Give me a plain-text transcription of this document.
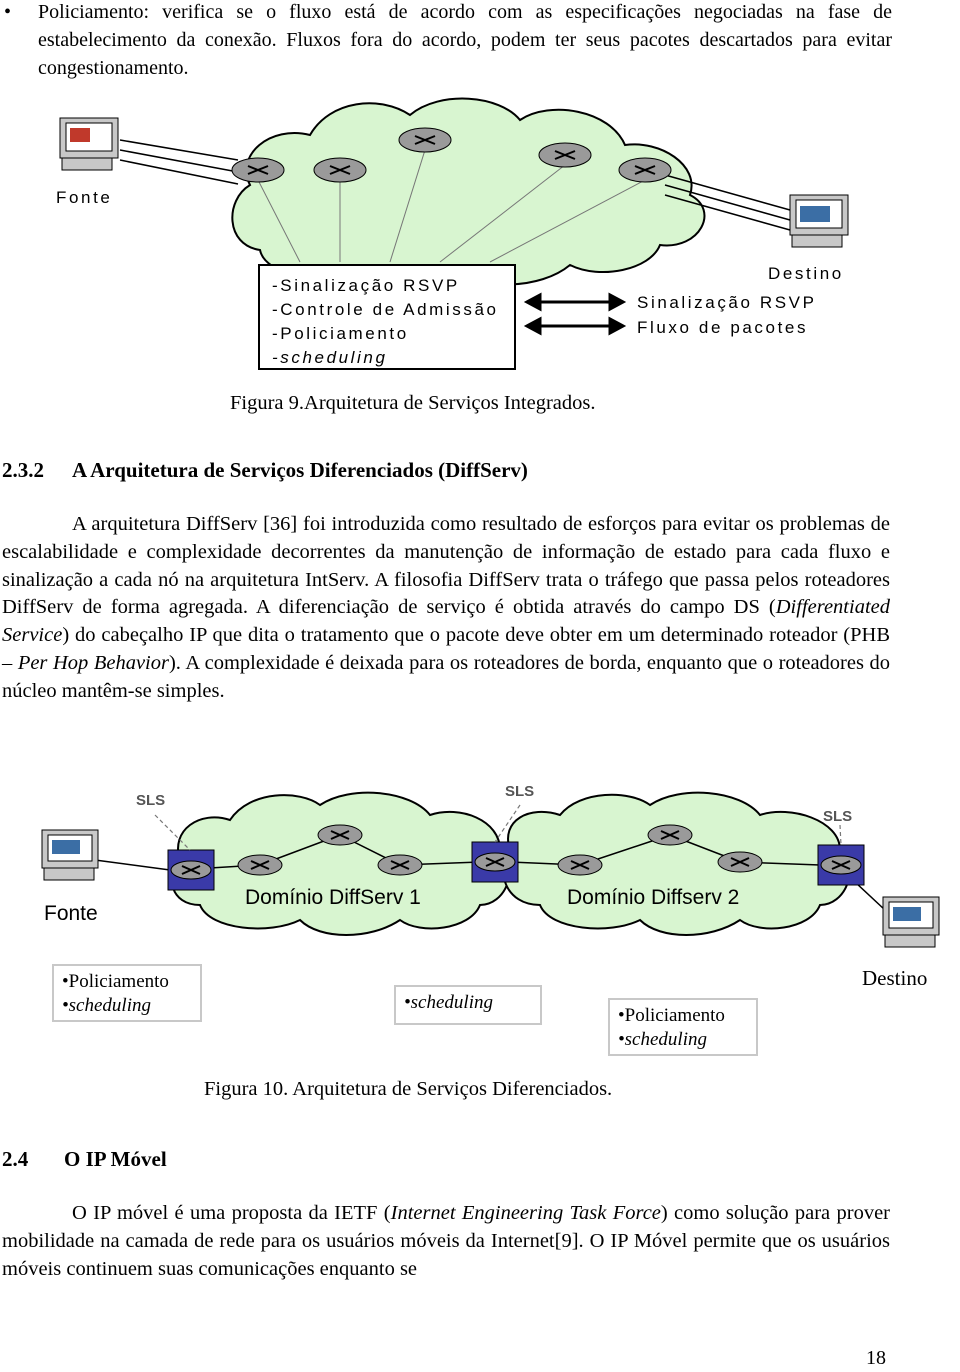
• Policiamento: verifica se o fluxo está de acordo com as especificações negociadas na fase de estabelecimento da conexão. Fluxos fora do acordo, podem ter seus pacotes descartados para evitar congestionamento.
Fonte
Destino
-Sinalização RSVP
-Controle de Admissão
-Policiamento
-scheduling
Sinalização RSVP
Fluxo de pacotes
Figura 9.Arquitetura de Serviços Integrados.
2.3.2 A Arquitetura de Serviços Diferenciados (DiffServ)
A arquitetura DiffServ [36] foi introduzida como resultado de esforços para evitar os problemas de escalabilidade e complexidade decorrentes da manutenção de informação de estado para cada fluxo e sinalização a cada nó na arquitetura IntServ. A filosofia DiffServ trata o tráfego que passa pelos roteadores DiffServ de forma agregada. A diferenciação de serviço é obtida através do campo DS (Differentiated Service) do cabeçalho IP que dita o tratamento que o pacote deve obter em um determinado roteador (PHB – Per Hop Behavior). A complexidade é deixada para os roteadores de borda, enquanto que o roteadores do núcleo mantêm-se simples.
SLS
SLS
SLS
Fonte
Domínio DiffServ 1	Domínio Diffserv 2
Destino
•Policiamento
•scheduling	•scheduling
•Policiamento
•scheduling
Figura 10. Arquitetura de Serviços Diferenciados.
2.4 O IP Móvel
O IP móvel é uma proposta da IETF (Internet Engineering Task Force) como solução para prover mobilidade na camada de rede para os usuários móveis da Internet[9]. O IP Móvel permite que os usuários móveis continuem suas comunicações enquanto se
18
